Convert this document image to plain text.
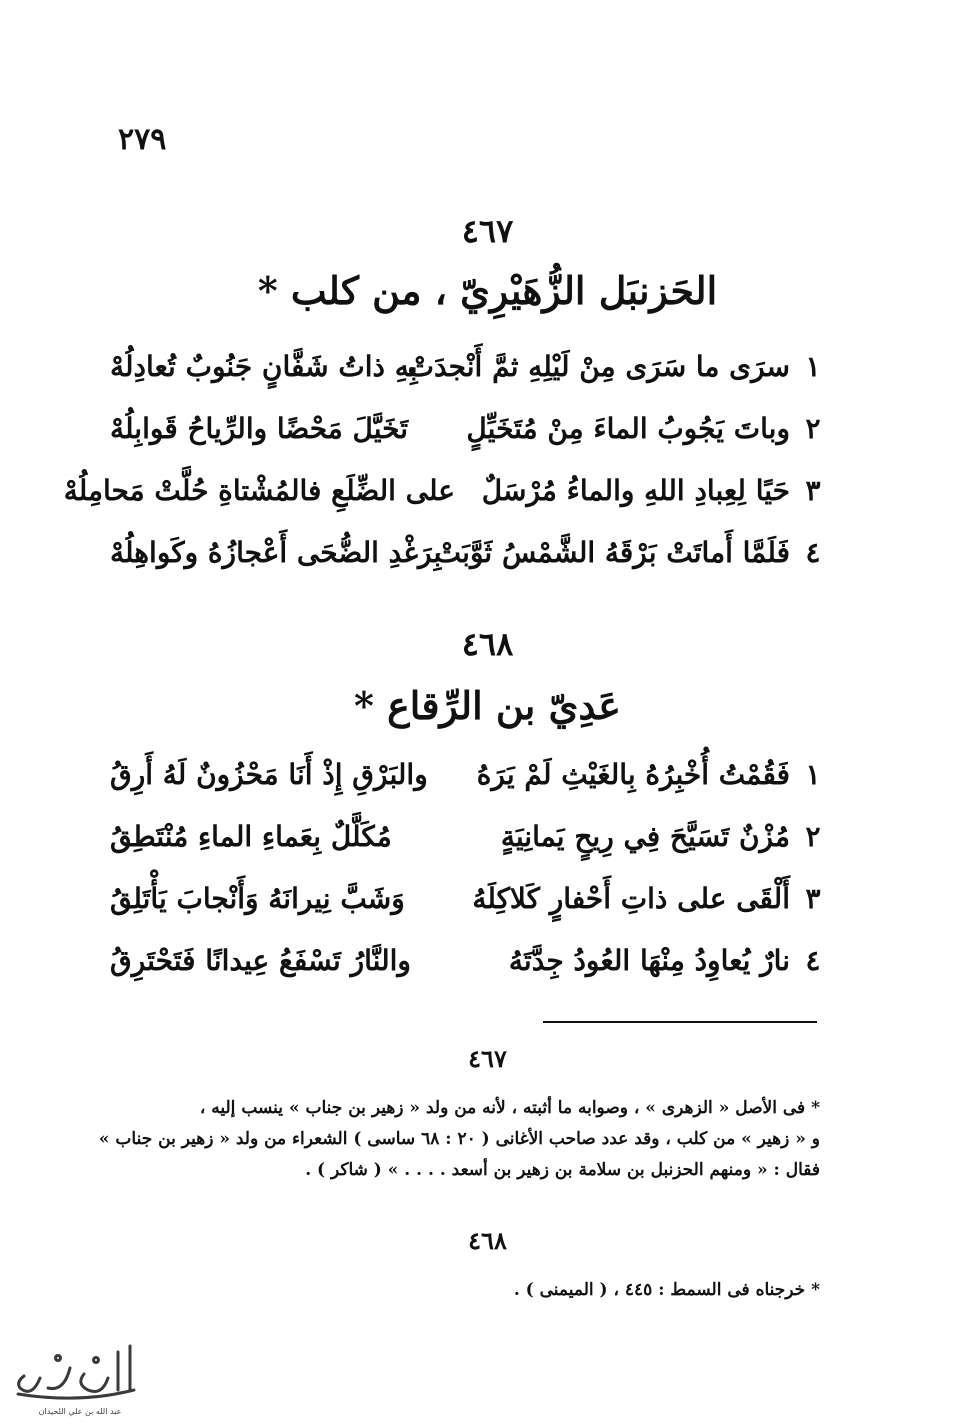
٢٧٩
٤٦٧
الحَزنبَل الزُّهَيْرِيّ ، من كلب *
١
سرَى ما سَرَى مِنْ لَيْلِهِ ثمَّ أَنْجدَتْ
بِهِ ذاتُ شَفَّانٍ جَنُوبٌ تُعادِلُهْ
٢
وباتَ يَجُوبُ الماءَ مِنْ مُتَخَيِّلٍ
تَخَيَّلَ مَحْضًا والرِّياحُ قَوابِلُهْ
٣
حَيًا لِعِبادِ اللهِ والماءُ مُرْسَلٌ
على الضِّلَعِ فالمُشْتاةِ حُلَّتْ مَحامِلُهْ
٤
فَلَمَّا أَماتَتْ بَرْقَهُ الشَّمْسُ ثَوَّبَتْ
بِرَغْدِ الضُّحَى أَعْجازُهُ وكَواهِلُهْ
٤٦٨
عَدِيّ بن الرِّقاع *
١
فَقُمْتُ أُخْبِرُهُ بِالغَيْثِ لَمْ يَرَهُ
والبَرْقِ إِذْ أَنَا مَحْزُونٌ لَهُ أَرِقُ
٢
مُزْنٌ تَسَيَّحَ فِي رِيحٍ يَمانِيَةٍ
مُكَلَّلٌ بِعَماءِ الماءِ مُنْتَطِقُ
٣
أَلْقَى على ذاتِ أَحْفارٍ كَلاكِلَهُ
وَشَبَّ نِيرانَهُ وَأَنْجابَ يَأْتَلِقُ
٤
نارٌ يُعاوِدُ مِنْهَا العُودُ جِدَّتَهُ
والنَّارُ تَسْفَعُ عِيدانًا فَتَحْتَرِقُ
٤٦٧
* فى الأصل « الزهرى » ، وصوابه ما أثبته ، لأنه من ولد « زهير بن جناب » ينسب إليه ،
و « زهير » من كلب ، وقد عدد صاحب الأغانى ( ٢٠ : ٦٨ ساسى ) الشعراء من ولد « زهير بن جناب »
فقال : « ومنهم الحزنبل بن سلامة بن زهير بن أسعد . . . . » ( شاكر ) .
٤٦٨
* خرجناه فى السمط : ٤٤٥ ، ( الميمنى ) .
عبد الله بن علي اللحيدان
